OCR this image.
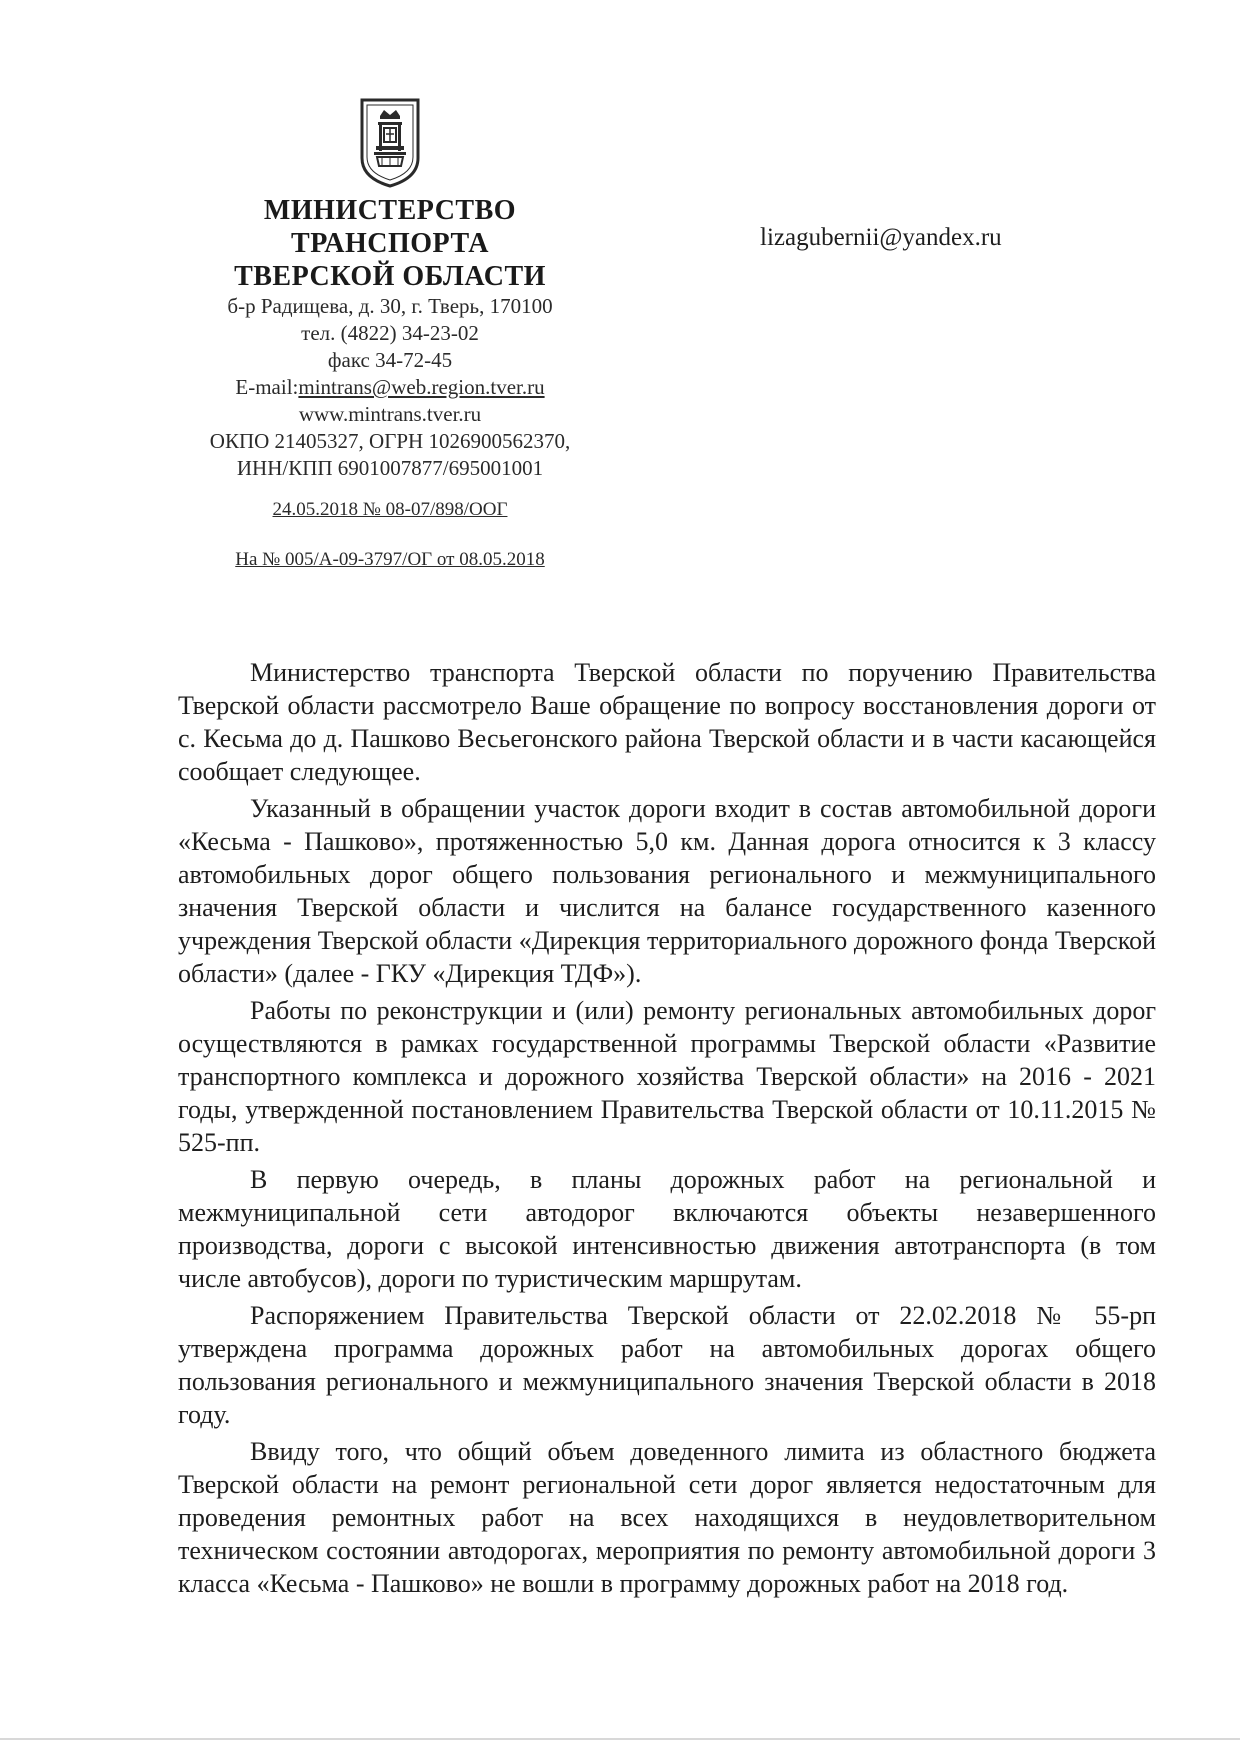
МИНИСТЕРСТВО
ТРАНСПОРТА
ТВЕРСКОЙ ОБЛАСТИ
б-р Радищева, д. 30, г. Тверь, 170100
тел. (4822) 34-23-02
факс 34-72-45
E-mail:mintrans@web.region.tver.ru
www.mintrans.tver.ru
ОКПО 21405327, ОГРН 1026900562370,
ИНН/КПП 6901007877/695001001
24.05.2018 № 08-07/898/ООГ
На № 005/А-09-3797/ОГ от 08.05.2018
lizagubernii@yandex.ru

Министерство транспорта Тверской области по поручению Правительства Тверской области рассмотрело Ваше обращение по вопросу восстановления дороги от с. Кесьма до д. Пашково Весьегонского района Тверской области и в части касающейся сообщает следующее.

Указанный в обращении участок дороги входит в состав автомобильной дороги «Кесьма - Пашково», протяженностью 5,0 км. Данная дорога относится к 3 классу автомобильных дорог общего пользования регионального и межмуниципального значения Тверской области и числится на балансе государственного казенного учреждения Тверской области «Дирекция территориального дорожного фонда Тверской области» (далее - ГКУ «Дирекция ТДФ»).

Работы по реконструкции и (или) ремонту региональных автомобильных дорог осуществляются в рамках государственной программы Тверской области «Развитие транспортного комплекса и дорожного хозяйства Тверской области» на 2016 - 2021 годы, утвержденной постановлением Правительства Тверской области от 10.11.2015 № 525-пп.

В первую очередь, в планы дорожных работ на региональной и межмуниципальной сети автодорог включаются объекты незавершенного производства, дороги с высокой интенсивностью движения автотранспорта (в том числе автобусов), дороги по туристическим маршрутам.

Распоряжением Правительства Тверской области от 22.02.2018 № 55-рп утверждена программа дорожных работ на автомобильных дорогах общего пользования регионального и межмуниципального значения Тверской области в 2018 году.

Ввиду того, что общий объем доведенного лимита из областного бюджета Тверской области на ремонт региональной сети дорог является недостаточным для проведения ремонтных работ на всех находящихся в неудовлетворительном техническом состоянии автодорогах, мероприятия по ремонту автомобильной дороги 3 класса «Кесьма - Пашково» не вошли в программу дорожных работ на 2018 год.
